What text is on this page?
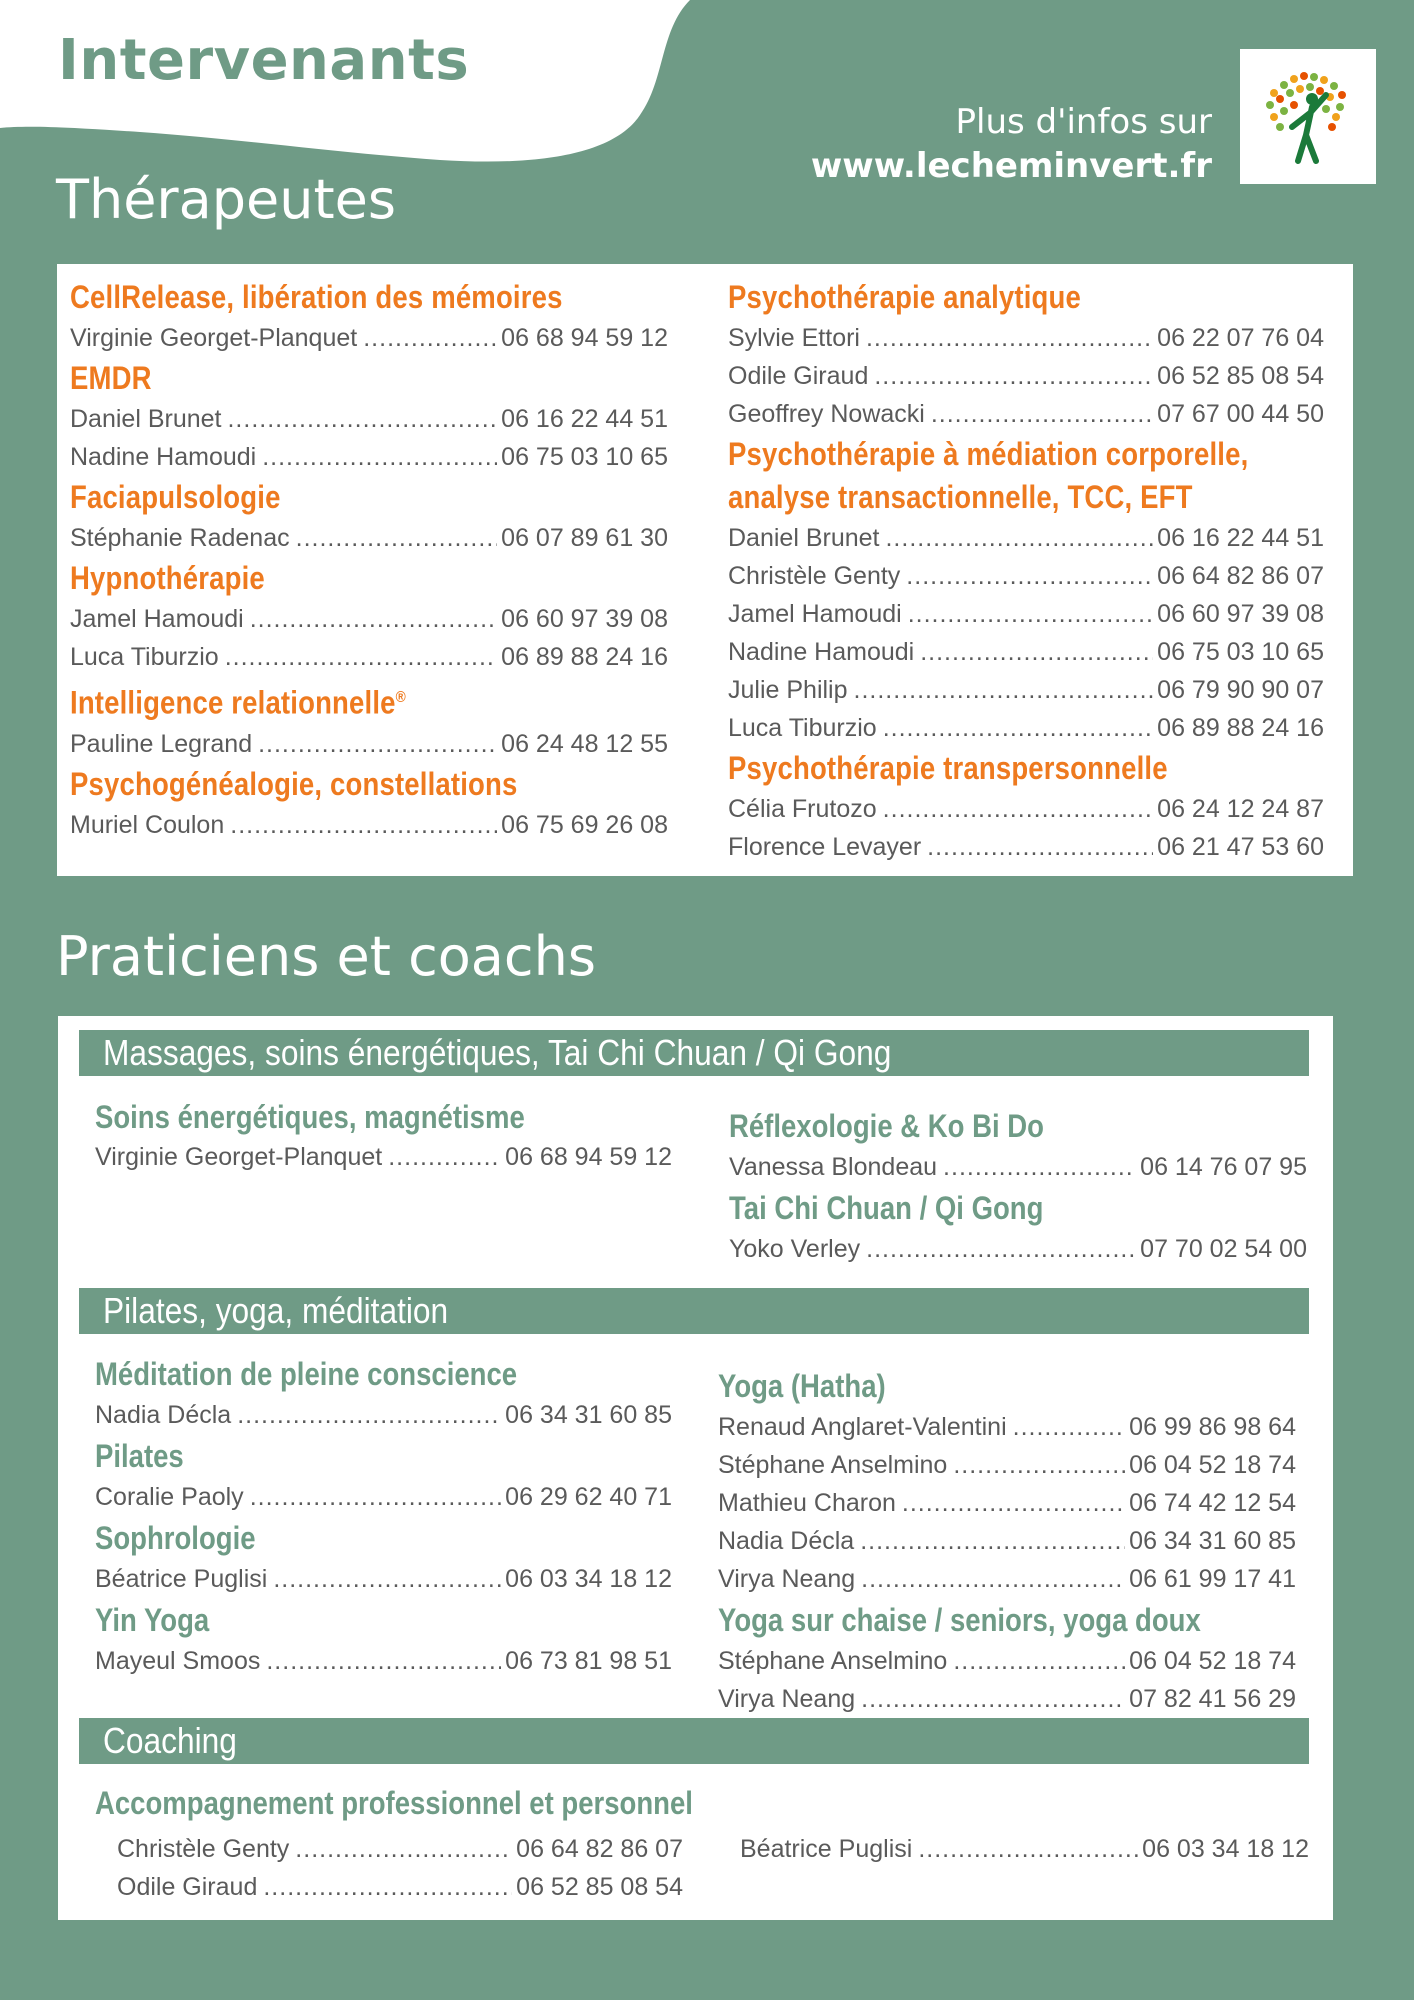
Intervenants
Plus d'infos sur
www.lecheminvert.fr
Thérapeutes
CellRelease, libération des mémoires
Virginie Georget-Planquet .....	06 68 94 59 12
EMDR
Daniel Brunet .....	06 16 22 44 51
Nadine Hamoudi .....	06 75 03 10 65
Faciapulsologie
Stéphanie Radenac .....	06 07 89 61 30
Hypnothérapie
Jamel Hamoudi .....	06 60 97 39 08
Luca Tiburzio .....	06 89 88 24 16
Intelligence relationnelle®
Pauline Legrand .....	06 24 48 12 55
Psychogénéalogie, constellations
Muriel Coulon .....	06 75 69 26 08
Psychothérapie analytique
Sylvie Ettori .....	06 22 07 76 04
Odile Giraud .....	06 52 85 08 54
Geoffrey Nowacki .....	07 67 00 44 50
Psychothérapie à médiation corporelle,
analyse transactionnelle, TCC, EFT
Daniel Brunet .....	06 16 22 44 51
Christèle Genty .....	06 64 82 86 07
Jamel Hamoudi .....	06 60 97 39 08
Nadine Hamoudi .....	06 75 03 10 65
Julie Philip .....	06 79 90 90 07
Luca Tiburzio .....	06 89 88 24 16
Psychothérapie transpersonnelle
Célia Frutozo .....	06 24 12 24 87
Florence Levayer .....	06 21 47 53 60
Praticiens et coachs
Massages, soins énergétiques, Tai Chi Chuan / Qi Gong
Soins énergétiques, magnétisme
Virginie Georget-Planquet .....	06 68 94 59 12
Réflexologie & Ko Bi Do
Vanessa Blondeau .....	06 14 76 07 95
Tai Chi Chuan / Qi Gong
Yoko Verley .....	07 70 02 54 00
Pilates, yoga, méditation
Méditation de pleine conscience
Nadia Décla .....	06 34 31 60 85
Pilates
Coralie Paoly .....	06 29 62 40 71
Sophrologie
Béatrice Puglisi .....	06 03 34 18 12
Yin Yoga
Mayeul Smoos .....	06 73 81 98 51
Yoga (Hatha)
Renaud Anglaret-Valentini .....	06 99 86 98 64
Stéphane Anselmino .....	06 04 52 18 74
Mathieu Charon .....	06 74 42 12 54
Nadia Décla .....	06 34 31 60 85
Virya Neang .....	06 61 99 17 41
Yoga sur chaise / seniors, yoga doux
Stéphane Anselmino .....	06 04 52 18 74
Virya Neang .....	07 82 41 56 29
Coaching
Accompagnement professionnel et personnel
Christèle Genty .....	06 64 82 86 07
Odile Giraud .....	06 52 85 08 54
Béatrice Puglisi .....	06 03 34 18 12
